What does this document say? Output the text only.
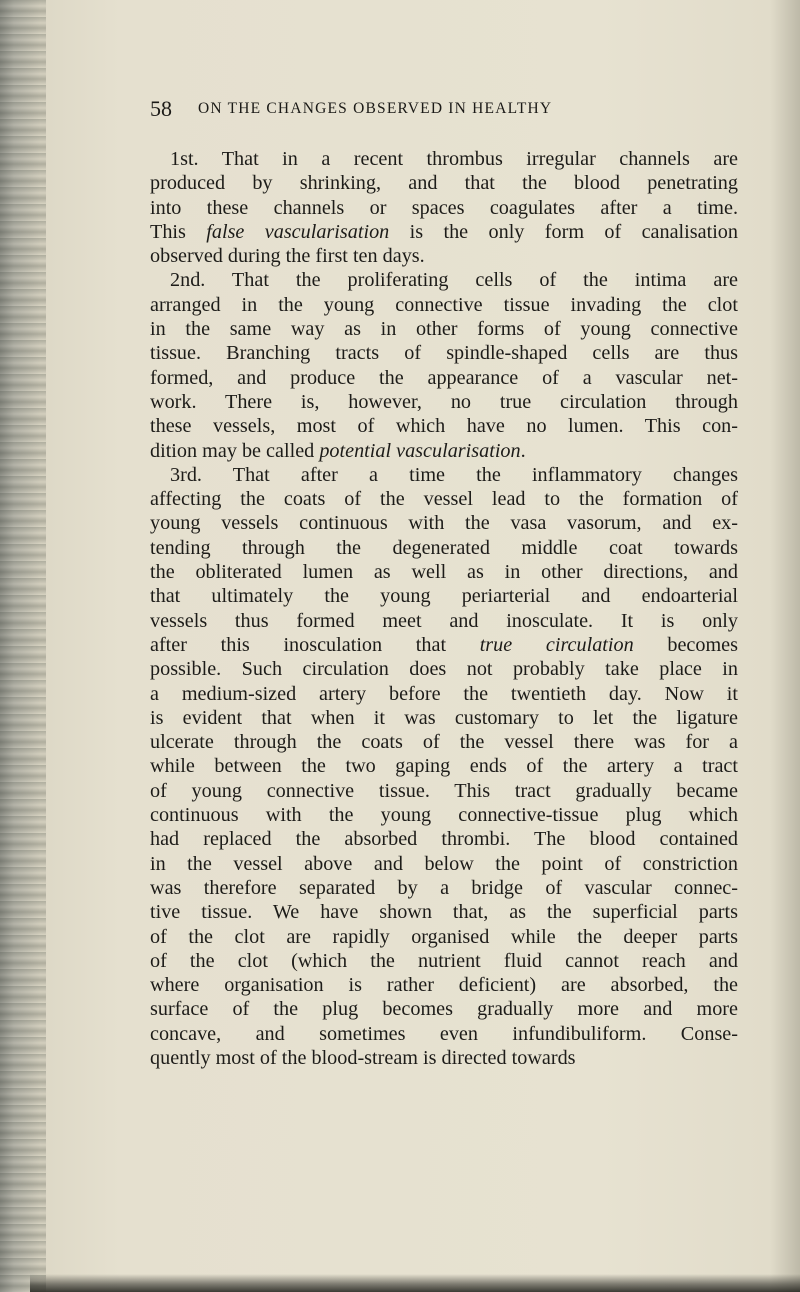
58 ON THE CHANGES OBSERVED IN HEALTHY
1st. That in a recent thrombus irregular channels are
produced by shrinking, and that the blood penetrating
into these channels or spaces coagulates after a time.
This false vascularisation is the only form of canalisation
observed during the first ten days.
2nd. That the proliferating cells of the intima are
arranged in the young connective tissue invading the clot
in the same way as in other forms of young connective
tissue. Branching tracts of spindle-shaped cells are thus
formed, and produce the appearance of a vascular net-
work. There is, however, no true circulation through
these vessels, most of which have no lumen. This con-
dition may be called potential vascularisation.
3rd. That after a time the inflammatory changes
affecting the coats of the vessel lead to the formation of
young vessels continuous with the vasa vasorum, and ex-
tending through the degenerated middle coat towards
the obliterated lumen as well as in other directions, and
that ultimately the young periarterial and endoarterial
vessels thus formed meet and inosculate. It is only
after this inosculation that true circulation becomes
possible. Such circulation does not probably take place in
a medium-sized artery before the twentieth day. Now it
is evident that when it was customary to let the ligature
ulcerate through the coats of the vessel there was for a
while between the two gaping ends of the artery a tract
of young connective tissue. This tract gradually became
continuous with the young connective-tissue plug which
had replaced the absorbed thrombi. The blood contained
in the vessel above and below the point of constriction
was therefore separated by a bridge of vascular connec-
tive tissue. We have shown that, as the superficial parts
of the clot are rapidly organised while the deeper parts
of the clot (which the nutrient fluid cannot reach and
where organisation is rather deficient) are absorbed, the
surface of the plug becomes gradually more and more
concave, and sometimes even infundibuliform. Conse-
quently most of the blood-stream is directed towards
